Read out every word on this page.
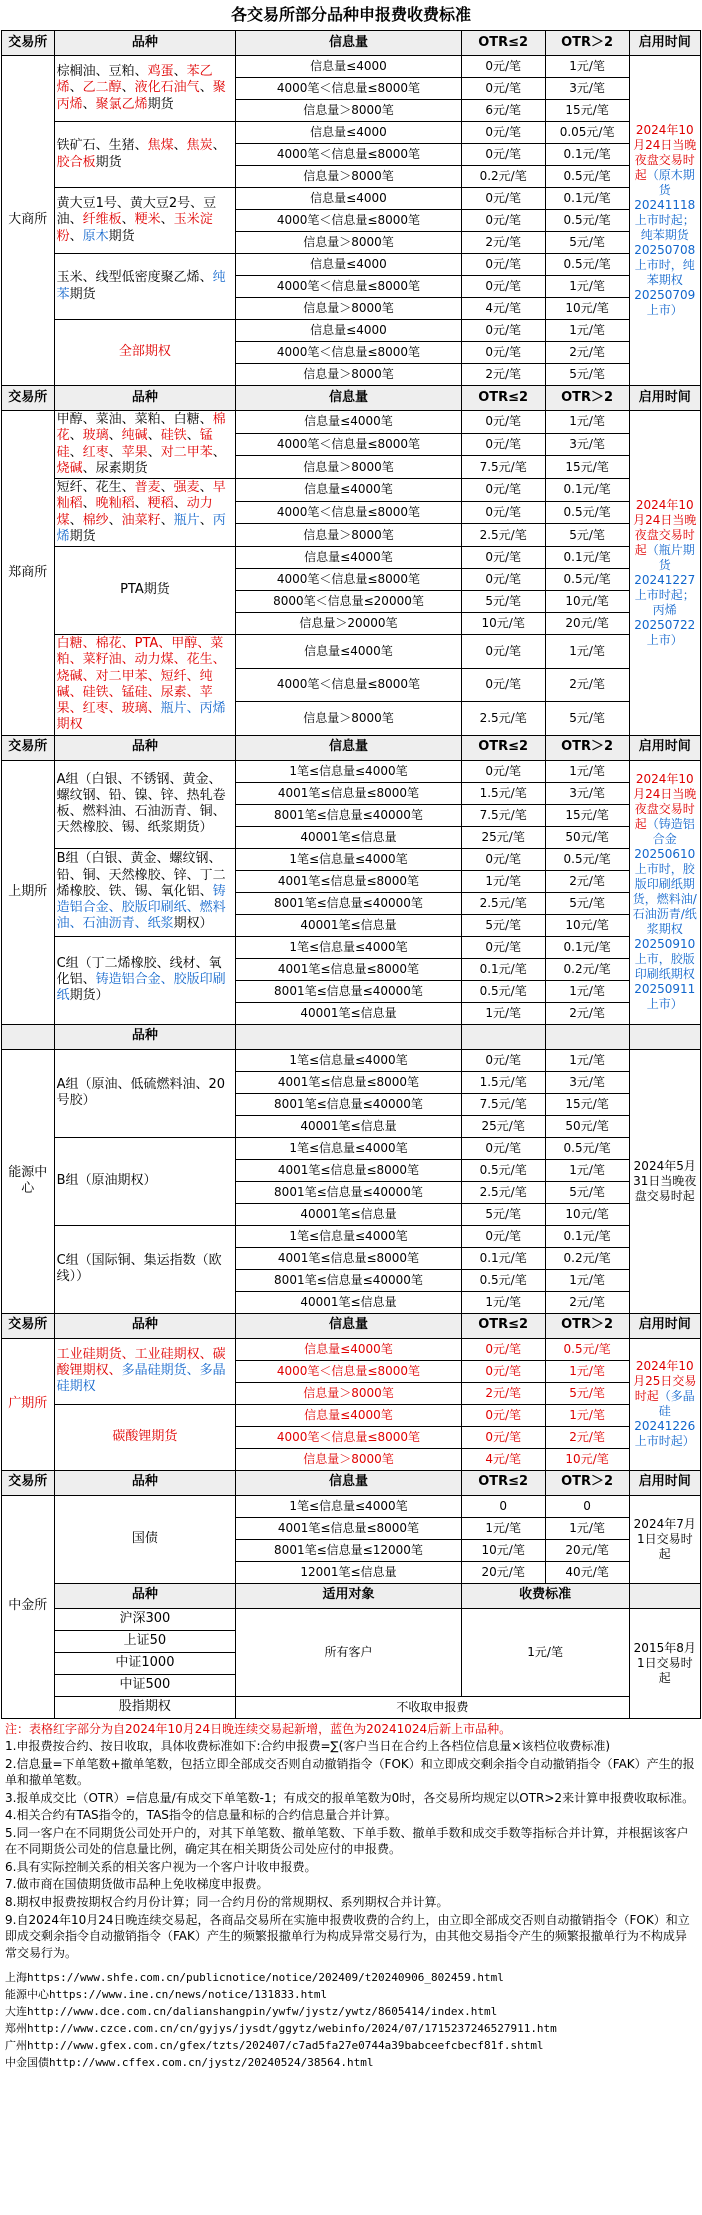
各交易所部分品种申报费收费标准
交易所	品种	信息量	OTR≤2	OTR＞2	启用时间
大商所	棕榈油、豆粕、鸡蛋、苯乙烯、乙二醇、液化石油气、聚丙烯、聚氯乙烯期货	信息量≤4000	0元/笔	1元/笔	2024年10月24日当晚夜盘交易时起（原木期货20241118上市时起；纯苯期货20250708上市时，纯苯期权20250709上市）
		4000笔＜信息量≤8000笔	0元/笔	3元/笔	
		信息量＞8000笔	6元/笔	15元/笔	
	铁矿石、生猪、焦煤、焦炭、胶合板期货	信息量≤4000	0元/笔	0.05元/笔	
		4000笔＜信息量≤8000笔	0元/笔	0.1元/笔	
		信息量＞8000笔	0.2元/笔	0.5元/笔	
	黄大豆1号、黄大豆2号、豆油、纤维板、粳米、玉米淀粉、原木期货	信息量≤4000	0元/笔	0.1元/笔	
		4000笔＜信息量≤8000笔	0元/笔	0.5元/笔	
		信息量＞8000笔	2元/笔	5元/笔	
	玉米、线型低密度聚乙烯、纯苯期货	信息量≤4000	0元/笔	0.5元/笔	
		4000笔＜信息量≤8000笔	0元/笔	1元/笔	
		信息量＞8000笔	4元/笔	10元/笔	
	全部期权	信息量≤4000	0元/笔	1元/笔	
		4000笔＜信息量≤8000笔	0元/笔	2元/笔	
		信息量＞8000笔	2元/笔	5元/笔	
交易所	品种	信息量	OTR≤2	OTR＞2	启用时间
郑商所	甲醇、菜油、菜粕、白糖、棉花、玻璃、纯碱、硅铁、锰硅、红枣、苹果、对二甲苯、烧碱、尿素期货	信息量≤4000笔	0元/笔	1元/笔	2024年10月24日当晚夜盘交易时起（瓶片期货20241227上市时起；丙烯20250722上市）
		4000笔＜信息量≤8000笔	0元/笔	3元/笔	
		信息量＞8000笔	7.5元/笔	15元/笔	
	短纤、花生、普麦、强麦、早籼稻、晚籼稻、粳稻、动力煤、棉纱、油菜籽、瓶片、丙烯期货	信息量≤4000笔	0元/笔	0.1元/笔	
		4000笔＜信息量≤8000笔	0元/笔	0.5元/笔	
		信息量＞8000笔	2.5元/笔	5元/笔	
	PTA期货	信息量≤4000笔	0元/笔	0.1元/笔	
		4000笔＜信息量≤8000笔	0元/笔	0.5元/笔	
		8000笔＜信息量≤20000笔	5元/笔	10元/笔	
		信息量＞20000笔	10元/笔	20元/笔	
	白糖、棉花、PTA、甲醇、菜粕、菜籽油、动力煤、花生、烧碱、对二甲苯、短纤、纯碱、硅铁、锰硅、尿素、苹果、红枣、玻璃、瓶片、丙烯期权	信息量≤4000笔	0元/笔	1元/笔	
		4000笔＜信息量≤8000笔	0元/笔	2元/笔	
		信息量＞8000笔	2.5元/笔	5元/笔	
交易所	品种	信息量	OTR≤2	OTR＞2	启用时间
上期所	A组（白银、不锈钢、黄金、螺纹钢、铅、镍、锌、热轧卷板、燃料油、石油沥青、铜、天然橡胶、锡、纸浆期货）	1笔≤信息量≤4000笔	0元/笔	1元/笔	2024年10月24日当晚夜盘交易时起（铸造铝合金20250610上市时，胶版印刷纸期货，燃料油/石油沥青/纸浆期权20250910上市，胶版印刷纸期权20250911上市）
		4001笔≤信息量≤8000笔	1.5元/笔	3元/笔	
		8001笔≤信息量≤40000笔	7.5元/笔	15元/笔	
		40001笔≤信息量	25元/笔	50元/笔	
	B组（白银、黄金、螺纹钢、铅、铜、天然橡胶、锌、丁二烯橡胶、铁、锡、氧化铝、铸造铝合金、胶版印刷纸、燃料油、石油沥青、纸浆期权）	1笔≤信息量≤4000笔	0元/笔	0.5元/笔	
		4001笔≤信息量≤8000笔	1元/笔	2元/笔	
		8001笔≤信息量≤40000笔	2.5元/笔	5元/笔	
		40001笔≤信息量	5元/笔	10元/笔	
	C组（丁二烯橡胶、线材、氧化铝、铸造铝合金、胶版印刷纸期货）	1笔≤信息量≤4000笔	0元/笔	0.1元/笔	
		4001笔≤信息量≤8000笔	0.1元/笔	0.2元/笔	
		8001笔≤信息量≤40000笔	0.5元/笔	1元/笔	
		40001笔≤信息量	1元/笔	2元/笔	
	品种				
能源中心	A组（原油、低硫燃料油、20号胶）	1笔≤信息量≤4000笔	0元/笔	1元/笔	2024年5月31日当晚夜盘交易时起
		4001笔≤信息量≤8000笔	1.5元/笔	3元/笔	
		8001笔≤信息量≤40000笔	7.5元/笔	15元/笔	
		40001笔≤信息量	25元/笔	50元/笔	
	B组（原油期权）	1笔≤信息量≤4000笔	0元/笔	0.5元/笔	
		4001笔≤信息量≤8000笔	0.5元/笔	1元/笔	
		8001笔≤信息量≤40000笔	2.5元/笔	5元/笔	
		40001笔≤信息量	5元/笔	10元/笔	
	C组（国际铜、集运指数（欧线））	1笔≤信息量≤4000笔	0元/笔	0.1元/笔	
		4001笔≤信息量≤8000笔	0.1元/笔	0.2元/笔	
		8001笔≤信息量≤40000笔	0.5元/笔	1元/笔	
		40001笔≤信息量	1元/笔	2元/笔	
交易所	品种	信息量	OTR≤2	OTR＞2	启用时间
广期所	工业硅期货、工业硅期权、碳酸锂期权、多晶硅期货、多晶硅期权	信息量≤4000笔	0元/笔	0.5元/笔	2024年10月25日交易时起（多晶硅20241226上市时起）
		4000笔＜信息量≤8000笔	0元/笔	1元/笔	
		信息量＞8000笔	2元/笔	5元/笔	
	碳酸锂期货	信息量≤4000笔	0元/笔	1元/笔	
		4000笔＜信息量≤8000笔	0元/笔	2元/笔	
		信息量＞8000笔	4元/笔	10元/笔	
交易所	品种	信息量	OTR≤2	OTR＞2	启用时间
中金所	国债	1笔≤信息量≤4000笔	0	0	2024年7月1日交易时起
		4001笔≤信息量≤8000笔	1元/笔	1元/笔	
		8001笔≤信息量≤12000笔	10元/笔	20元/笔	
		12001笔≤信息量	20元/笔	40元/笔	
	品种	适用对象	收费标准		
	沪深300	所有客户	1元/笔		2015年8月1日交易时起
	上证50				
	中证1000				
	中证500				
	股指期权	不收取申报费			

注：表格红字部分为自2024年10月24日晚连续交易起新增，蓝色为20241024后新上市品种。

1.申报费按合约、按日收取，具体收费标准如下:合约申报费=∑(客户当日在合约上各档位信息量×该档位收费标准)

2.信息量=下单笔数+撤单笔数，包括立即全部成交否则自动撤销指令（FOK）和立即成交剩余指令自动撤销指令（FAK）产生的报单和撤单笔数。

3.报单成交比（OTR）=信息量/有成交下单笔数-1；有成交的报单笔数为0时，各交易所均规定以OTR>2来计算申报费收取标准。

4.相关合约有TAS指令的，TAS指令的信息量和标的合约信息量合并计算。

5.同一客户在不同期货公司处开户的，对其下单笔数、撤单笔数、下单手数、撤单手数和成交手数等指标合并计算，并根据该客户在不同期货公司处的信息量比例，确定其在相关期货公司处应付的申报费。

6.具有实际控制关系的相关客户视为一个客户计收申报费。

7.做市商在国债期货做市品种上免收梯度申报费。

8.期权申报费按期权合约月份计算；同一合约月份的常规期权、系列期权合并计算。

9.自2024年10月24日晚连续交易起，各商品交易所在实施申报费收费的合约上，由立即全部成交否则自动撤销指令（FOK）和立即成交剩余指令自动撤销指令（FAK）产生的频繁报撤单行为构成异常交易行为，由其他交易指令产生的频繁报撤单行为不构成异常交易行为。

上海https://www.shfe.com.cn/publicnotice/notice/202409/t20240906_802459.html
能源中心https://www.ine.cn/news/notice/131833.html
大连http://www.dce.com.cn/dalianshangpin/ywfw/jystz/ywtz/8605414/index.html
郑州http://www.czce.com.cn/cn/gyjys/jysdt/ggytz/webinfo/2024/07/1715237246527911.htm
广州http://www.gfex.com.cn/gfex/tzts/202407/c7ad5fa27e0744a39babceefcbecf81f.shtml
中金国债http://www.cffex.com.cn/jystz/20240524/38564.html
